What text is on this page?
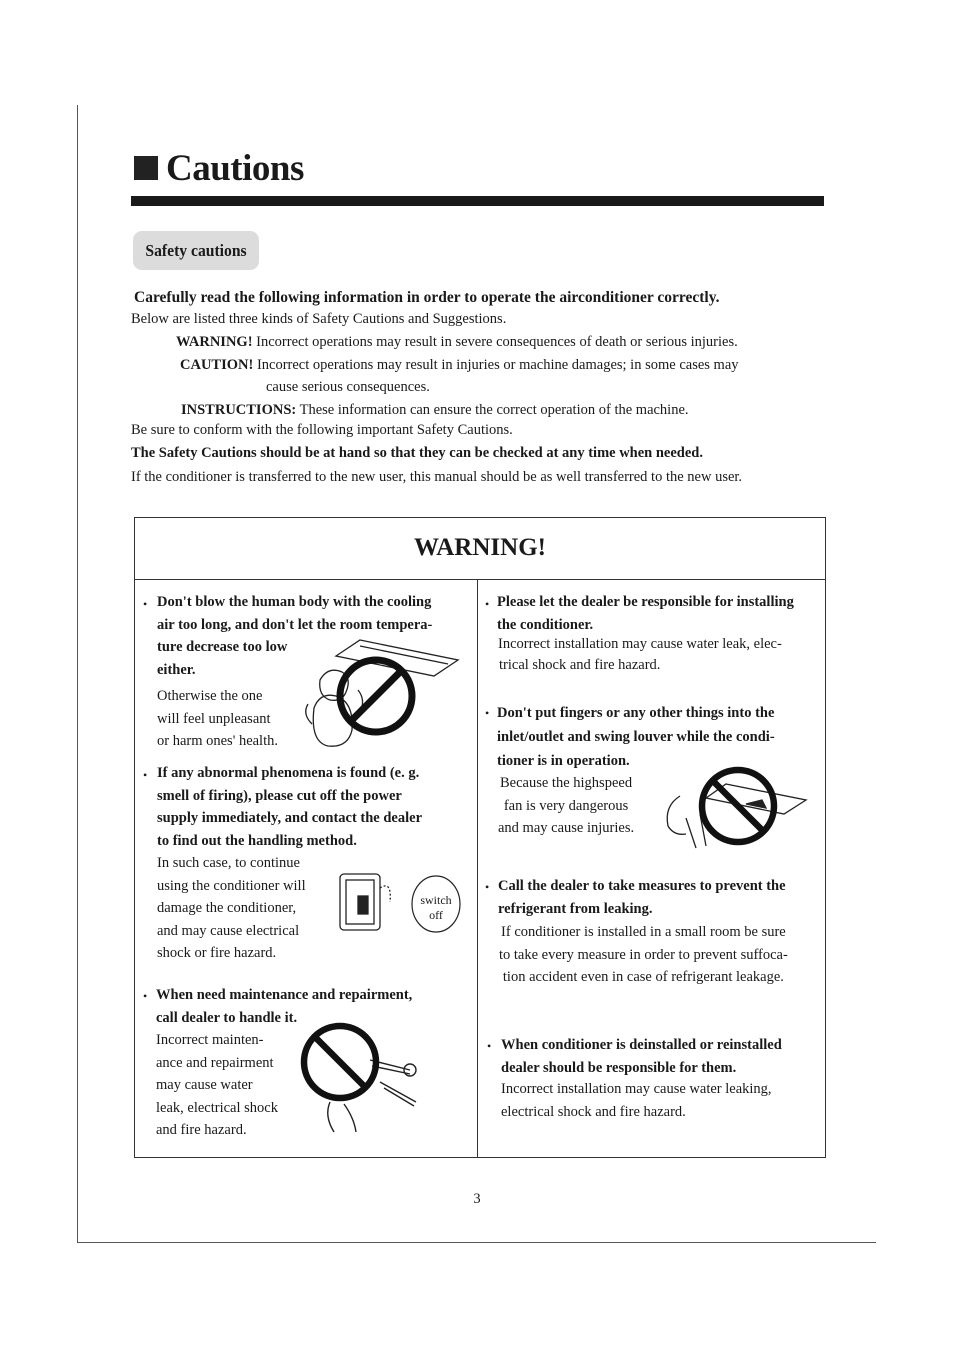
Cautions
Safety cautions
Carefully read the following information in order to operate the airconditioner correctly.
Below are listed three kinds of Safety Cautions and Suggestions.
WARNING! Incorrect operations may result in severe consequences of death or serious injuries.
CAUTION! Incorrect operations may result in injuries or machine damages; in some cases may
cause serious consequences.
INSTRUCTIONS: These information can ensure the correct operation of the machine.
Be sure to conform with the following important Safety Cautions.
The Safety Cautions should be at hand so that they can be checked at any time when needed.
If the conditioner is transferred to the new user, this manual should be as well transferred to the new user.
WARNING!
• Don't blow the human body with the cooling
air too long, and don't let the room tempera-
ture decrease too low
either.
Otherwise the one
will feel unpleasant
or harm ones' health.
• If any abnormal phenomena is found (e. g.
smell of firing), please cut off the power
supply immediately, and contact the dealer
to find out the handling method.
In such case, to continue
using the conditioner will
damage the conditioner,
and may cause electrical
shock or fire hazard.
switch
off
• When need maintenance and repairment,
call dealer to handle it.
Incorrect mainten-
ance and repairment
may cause water
leak, electrical shock
and fire hazard.
• Please let the dealer be responsible for installing
the conditioner.
Incorrect installation may cause water leak, elec-
trical shock and fire hazard.
• Don't put fingers or any other things into the
inlet/outlet and swing louver while the condi-
tioner is in operation.
Because the highspeed
fan is very dangerous
and may cause injuries.
• Call the dealer to take measures to prevent the
refrigerant from leaking.
If conditioner is installed in a small room be sure
to take every measure in order to prevent suffoca-
tion accident even in case of refrigerant leakage.
• When conditioner is deinstalled or reinstalled
dealer should be responsible for them.
Incorrect installation may cause water leaking,
electrical shock and fire hazard.
3
